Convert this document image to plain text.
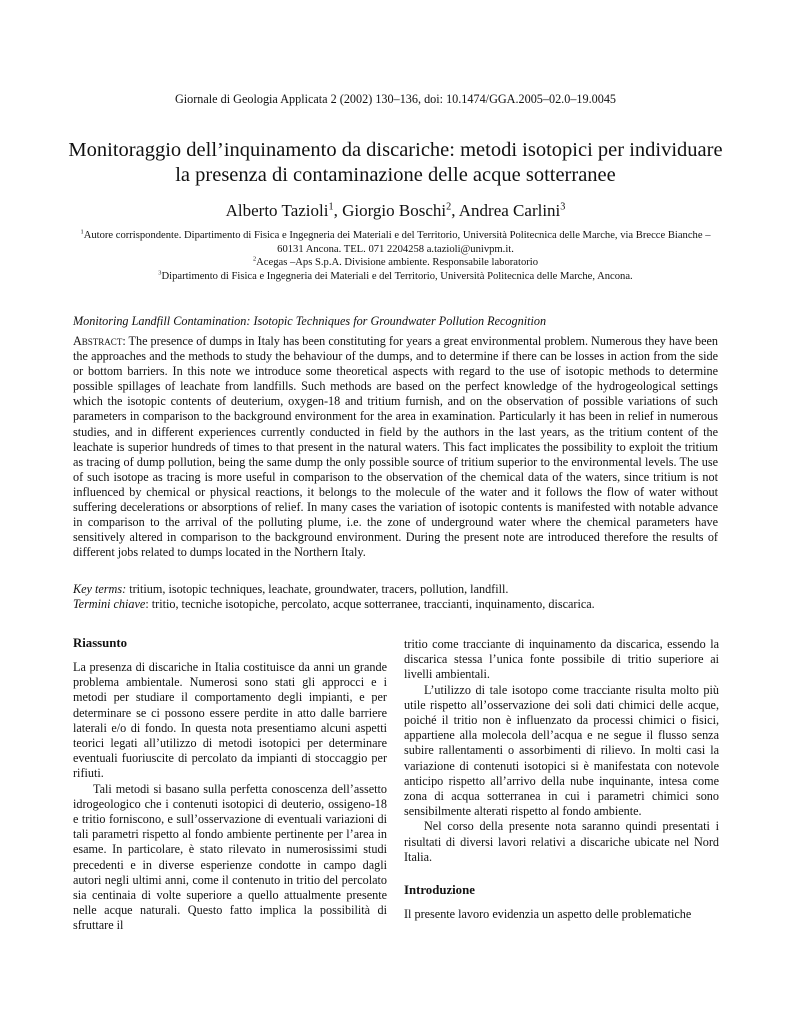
Giornale di Geologia Applicata 2 (2002) 130–136, doi: 10.1474/GGA.2005–02.0–19.0045
Monitoraggio dell’inquinamento da discariche: metodi isotopici per individuare la presenza di contaminazione delle acque sotterranee
Alberto Tazioli$^1$, Giorgio Boschi$^2$, Andrea Carlini$^3$
$^1$Autore corrispondente. Dipartimento di Fisica e Ingegneria dei Materiali e del Territorio, Università Politecnica delle Marche, via Brecce Bianche – 60131 Ancona. TEL. 071 2204258 a.tazioli@univpm.it.
$^2$Acegas –Aps S.p.A. Divisione ambiente. Responsabile laboratorio
$^3$Dipartimento di Fisica e Ingegneria dei Materiali e del Territorio, Università Politecnica delle Marche, Ancona.
Monitoring Landfill Contamination: Isotopic Techniques for Groundwater Pollution Recognition

Abstract: The presence of dumps in Italy has been constituting for years a great environmental problem. Numerous they have been the approaches and the methods to study the behaviour of the dumps, and to determine if there can be losses in action from the side or bottom barriers. In this note we introduce some theoretical aspects with regard to the use of isotopic methods to determine possible spillages of leachate from landfills. Such methods are based on the perfect knowledge of the hydrogeological settings which the isotopic contents of deuterium, oxygen-18 and tritium furnish, and on the observation of possible variations of such parameters in comparison to the background environment for the area in examination. Particularly it has been in relief in numerous studies, and in different experiences currently conducted in field by the authors in the last years, as the tritium content of the leachate is superior hundreds of times to that present in the natural waters. This fact implicates the possibility to exploit the tritium as tracing of dump pollution, being the same dump the only possible source of tritium superior to the environmental levels. The use of such isotope as tracing is more useful in comparison to the observation of the chemical data of the waters, since tritium is not influenced by chemical or physical reactions, it belongs to the molecule of the water and it follows the flow of water without suffering decelerations or absorptions of relief. In many cases the variation of isotopic contents is manifested with notable advance in comparison to the arrival of the polluting plume, i.e. the zone of underground water where the chemical parameters have sensitively altered in comparison to the background environment. During the present note are introduced therefore the results of different jobs related to dumps located in the Northern Italy.

Key terms: tritium, isotopic techniques, leachate, groundwater, tracers, pollution, landfill.
Termini chiave: tritio, tecniche isotopiche, percolato, acque sotterranee, traccianti, inquinamento, discarica.
Riassunto

La presenza di discariche in Italia costituisce da anni un grande problema ambientale. Numerosi sono stati gli approcci e i metodi per studiare il comportamento degli impianti, e per determinare se ci possono essere perdite in atto dalle barriere laterali e/o di fondo. In questa nota presentiamo alcuni aspetti teorici legati all’utilizzo di metodi isotopici per determinare eventuali fuoriuscite di percolato da impianti di stoccaggio per rifiuti.

Tali metodi si basano sulla perfetta conoscenza dell’assetto idrogeologico che i contenuti isotopici di deuterio, ossigeno-18 e tritio forniscono, e sull’osservazione di eventuali variazioni di tali parametri rispetto al fondo ambiente pertinente per l’area in esame. In particolare, è stato rilevato in numerosissimi studi precedenti e in diverse esperienze condotte in campo dagli autori negli ultimi anni, come il contenuto in tritio del percolato sia centinaia di volte superiore a quello attualmente presente nelle acque naturali. Questo fatto implica la possibilità di sfruttare il

tritio come tracciante di inquinamento da discarica, essendo la discarica stessa l’unica fonte possibile di tritio superiore ai livelli ambientali.

L’utilizzo di tale isotopo come tracciante risulta molto più utile rispetto all’osservazione dei soli dati chimici delle acque, poiché il tritio non è influenzato da processi chimici o fisici, appartiene alla molecola dell’acqua e ne segue il flusso senza subire rallentamenti o assorbimenti di rilievo. In molti casi la variazione di contenuti isotopici si è manifestata con notevole anticipo rispetto all’arrivo della nube inquinante, intesa come zona di acqua sotterranea in cui i parametri chimici sono sensibilmente alterati rispetto al fondo ambiente.

Nel corso della presente nota saranno quindi presentati i risultati di diversi lavori relativi a discariche ubicate nel Nord Italia.

Introduzione

Il presente lavoro evidenzia un aspetto delle problematiche
